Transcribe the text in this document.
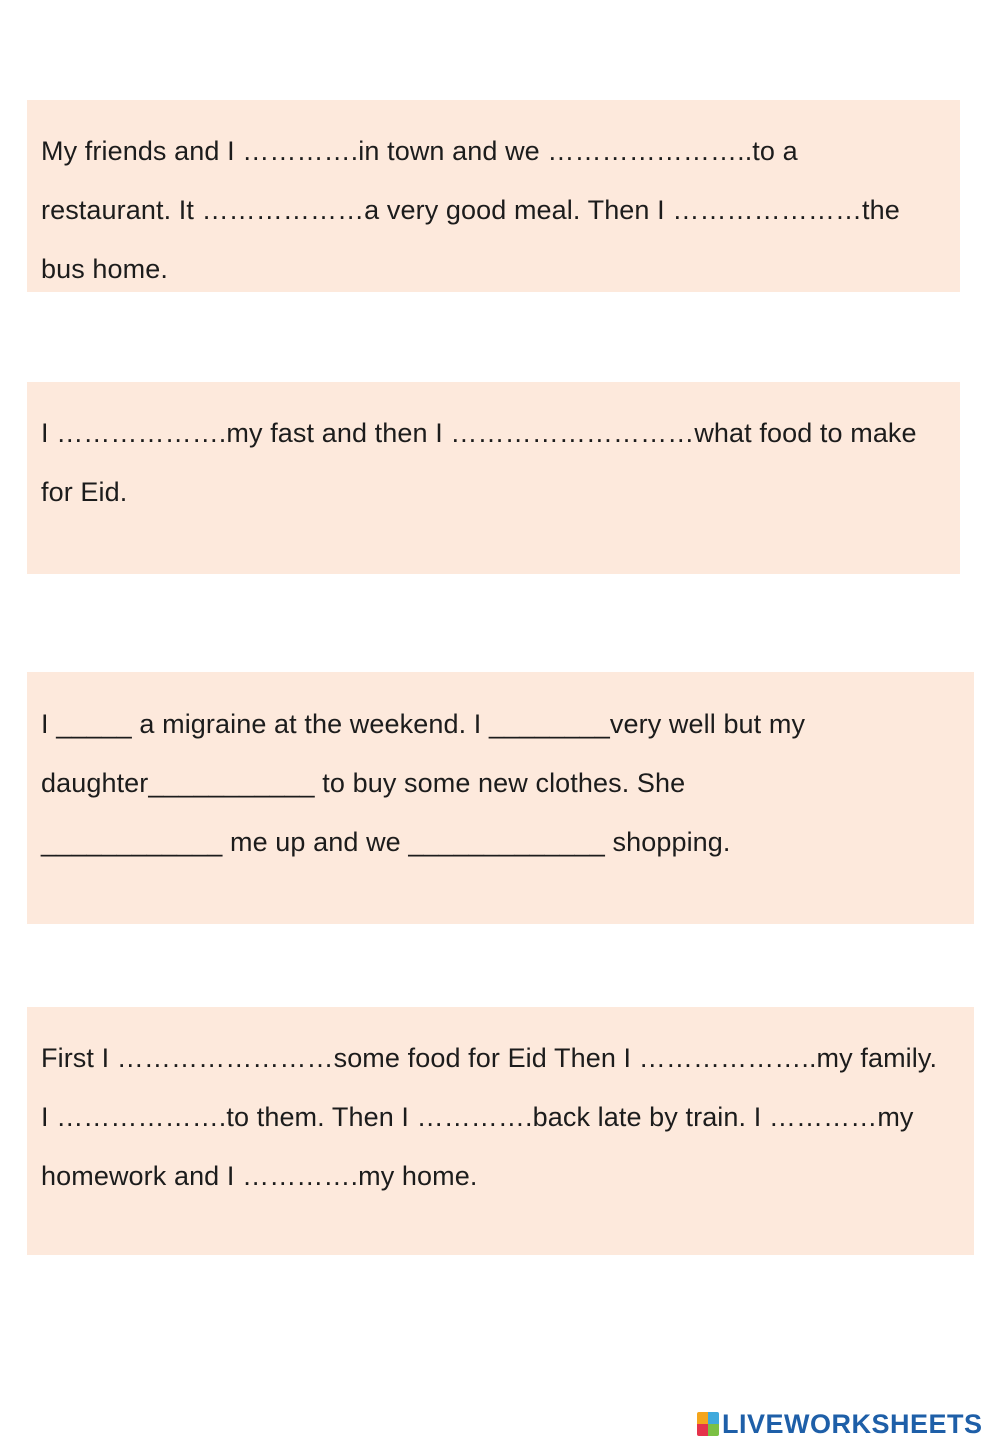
My friends and I ………….in town and we …………………..to a
restaurant. It ………………a very good meal. Then I …………………the
bus home.
I ……………….my fast and then I ………………………what food to make
for Eid.
I _____ a migraine at the weekend. I ________very well but my
daughter___________ to buy some new clothes. She
____________ me up and we _____________ shopping.
First I ……………………some food for Eid Then I ………………..my family.
I ……………….to them. Then I ………….back late by train. I …………my
homework and I ………….my home.
LIVEWORKSHEETS
